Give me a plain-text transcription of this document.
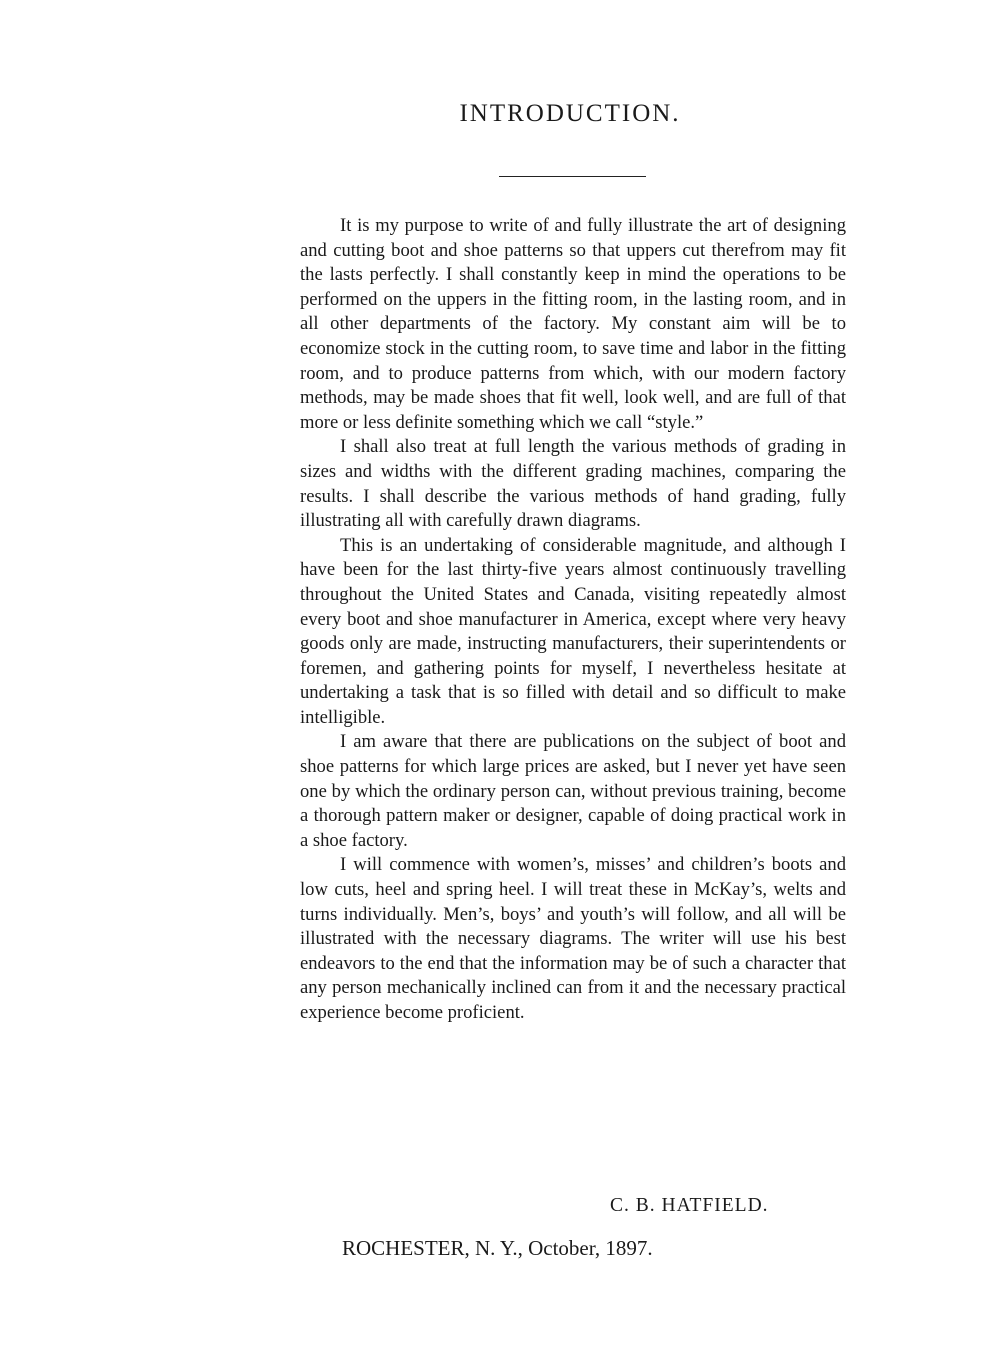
INTRODUCTION.

It is my purpose to write of and fully illustrate the art of designing and cutting boot and shoe patterns so that uppers cut therefrom may fit the lasts perfectly. I shall constantly keep in mind the operations to be performed on the uppers in the fitting room, in the lasting room, and in all other departments of the factory. My constant aim will be to economize stock in the cutting room, to save time and labor in the fitting room, and to produce patterns from which, with our modern factory methods, may be made shoes that fit well, look well, and are full of that more or less definite something which we call “style.”

I shall also treat at full length the various methods of grading in sizes and widths with the different grading machines, comparing the results. I shall describe the various methods of hand grading, fully illustrating all with carefully drawn diagrams.

This is an undertaking of considerable magnitude, and although I have been for the last thirty-five years almost continuously travelling throughout the United States and Canada, visiting repeatedly almost every boot and shoe manufacturer in America, except where very heavy goods only are made, instructing manufacturers, their superintendents or foremen, and gathering points for myself, I nevertheless hesitate at undertaking a task that is so filled with detail and so difficult to make intelligible.

I am aware that there are publications on the subject of boot and shoe patterns for which large prices are asked, but I never yet have seen one by which the ordinary person can, without previous training, become a thorough pattern maker or designer, capable of doing practical work in a shoe factory.

I will commence with women’s, misses’ and children’s boots and low cuts, heel and spring heel. I will treat these in McKay’s, welts and turns individually. Men’s, boys’ and youth’s will follow, and all will be illustrated with the necessary diagrams. The writer will use his best endeavors to the end that the information may be of such a character that any person mechanically inclined can from it and the necessary practical experience become proficient.

C. B. HATFIELD.

ROCHESTER, N. Y., October, 1897.
